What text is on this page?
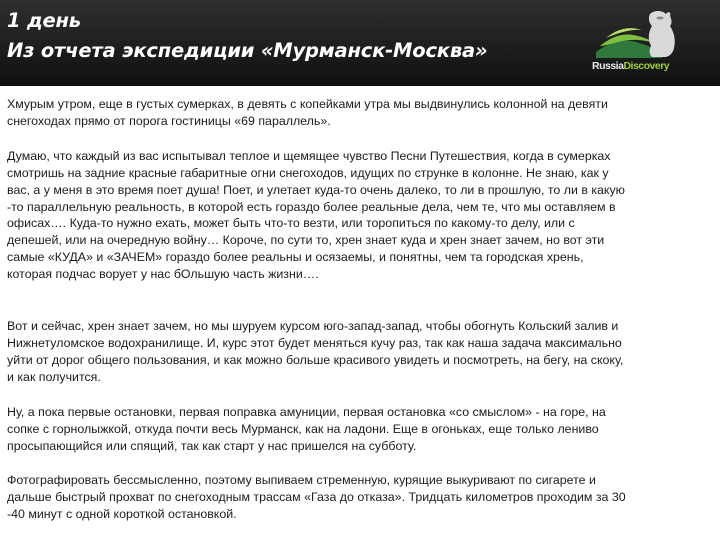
1 день
Из отчета экспедиции «Мурманск-Москва»
RussiaDiscovery

Хмурым утром, еще в густых сумерках, в девять с копейками утра мы выдвинулись колонной на девяти
снегоходах прямо от порога гостиницы «69 параллель».

Думаю, что каждый из вас испытывал теплое и щемящее чувство Песни Путешествия, когда в сумерках
смотришь на задние красные габаритные огни снегоходов, идущих по струнке в колонне. Не знаю, как у
вас, а у меня в это время поет душа! Поет, и улетает куда-то очень далеко, то ли в прошлую, то ли в какую
-то параллельную реальность, в которой есть гораздо более реальные дела, чем те, что мы оставляем в
офисах…. Куда-то нужно ехать, может быть что-то везти, или торопиться по какому-то делу, или с
депешей, или на очередную войну… Короче, по сути то, хрен знает куда и хрен знает зачем, но вот эти
самые «КУДА» и «ЗАЧЕМ» гораздо более реальны и осязаемы, и понятны, чем та городская хрень,
которая подчас ворует у нас бОльшую часть жизни….

Вот и сейчас, хрен знает зачем, но мы шуруем курсом юго-запад-запад, чтобы обогнуть Кольский залив и
Нижнетуломское водохранилище. И, курс этот будет меняться кучу раз, так как наша задача максимально
уйти от дорог общего пользования, и как можно больше красивого увидеть и посмотреть, на бегу, на скоку,
и как получится.

Ну, а пока первые остановки, первая поправка амуниции, первая остановка «со смыслом» - на горе, на
сопке с горнолыжкой, откуда почти весь Мурманск, как на ладони. Еще в огоньках, еще только лениво
просыпающийся или спящий, так как старт у нас пришелся на субботу.

Фотографировать бессмысленно, поэтому выпиваем стременную, курящие выкуривают по сигарете и
дальше быстрый прохват по снегоходным трассам «Газа до отказа». Тридцать километров проходим за 30
-40 минут с одной короткой остановкой.
